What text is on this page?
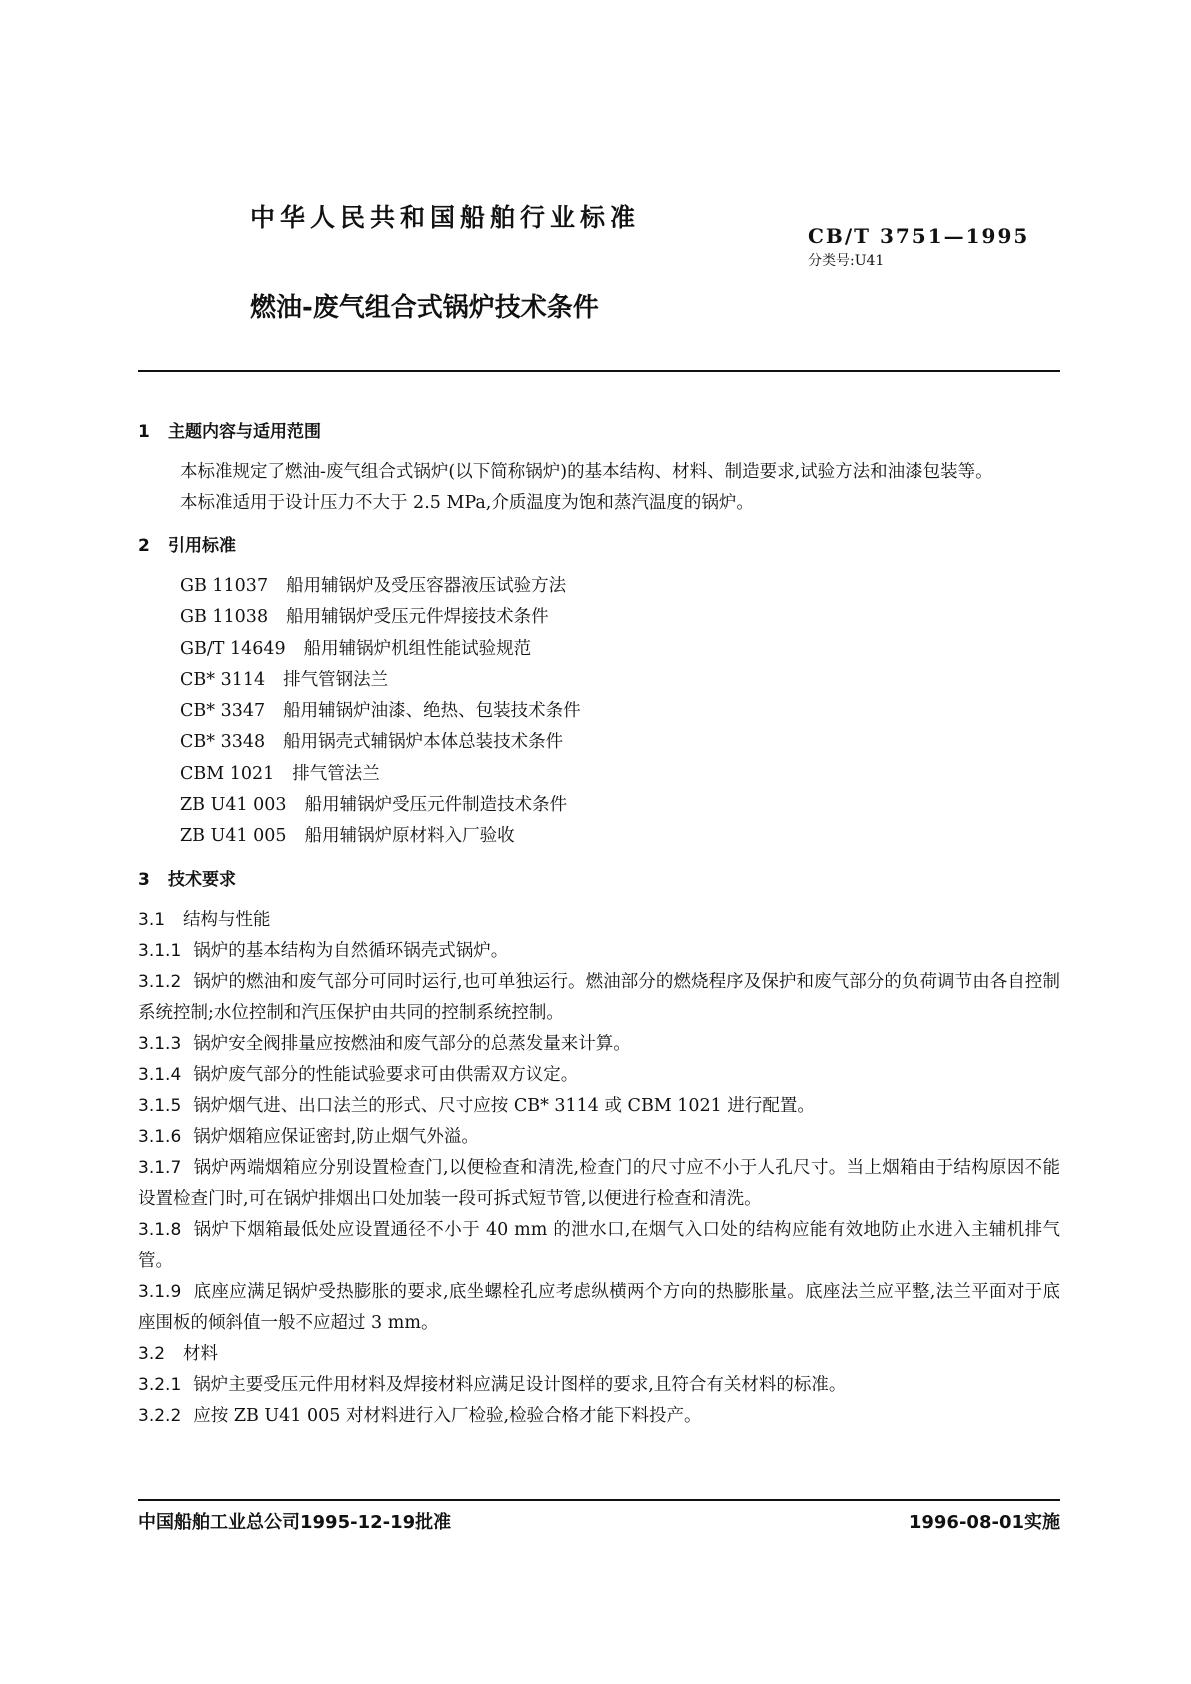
中华人民共和国船舶行业标准
CB/T 3751—1995
分类号:U41
燃油-废气组合式锅炉技术条件
1 主题内容与适用范围

本标准规定了燃油-废气组合式锅炉(以下简称锅炉)的基本结构、材料、制造要求,试验方法和油漆包装等。

本标准适用于设计压力不大于 2.5 MPa,介质温度为饱和蒸汽温度的锅炉。

2 引用标准
GB 11037 船用辅锅炉及受压容器液压试验方法
GB 11038 船用辅锅炉受压元件焊接技术条件
GB/T 14649 船用辅锅炉机组性能试验规范
CB* 3114 排气管钢法兰
CB* 3347 船用辅锅炉油漆、绝热、包装技术条件
CB* 3348 船用锅壳式辅锅炉本体总装技术条件
CBM 1021 排气管法兰
ZB U41 003 船用辅锅炉受压元件制造技术条件
ZB U41 005 船用辅锅炉原材料入厂验收
3 技术要求

3.1 结构与性能

3.1.1 锅炉的基本结构为自然循环锅壳式锅炉。

3.1.2 锅炉的燃油和废气部分可同时运行,也可单独运行。燃油部分的燃烧程序及保护和废气部分的负荷调节由各自控制系统控制;水位控制和汽压保护由共同的控制系统控制。

3.1.3 锅炉安全阀排量应按燃油和废气部分的总蒸发量来计算。

3.1.4 锅炉废气部分的性能试验要求可由供需双方议定。

3.1.5 锅炉烟气进、出口法兰的形式、尺寸应按 CB* 3114 或 CBM 1021 进行配置。

3.1.6 锅炉烟箱应保证密封,防止烟气外溢。

3.1.7 锅炉两端烟箱应分别设置检查门,以便检查和清洗,检查门的尺寸应不小于人孔尺寸。当上烟箱由于结构原因不能设置检查门时,可在锅炉排烟出口处加装一段可拆式短节管,以便进行检查和清洗。

3.1.8 锅炉下烟箱最低处应设置通径不小于 40 mm 的泄水口,在烟气入口处的结构应能有效地防止水进入主辅机排气管。

3.1.9 底座应满足锅炉受热膨胀的要求,底坐螺栓孔应考虑纵横两个方向的热膨胀量。底座法兰应平整,法兰平面对于底座围板的倾斜值一般不应超过 3 mm。

3.2 材料

3.2.1 锅炉主要受压元件用材料及焊接材料应满足设计图样的要求,且符合有关材料的标准。

3.2.2 应按 ZB U41 005 对材料进行入厂检验,检验合格才能下料投产。

中国船舶工业总公司1995-12-19批准	1996-08-01实施
